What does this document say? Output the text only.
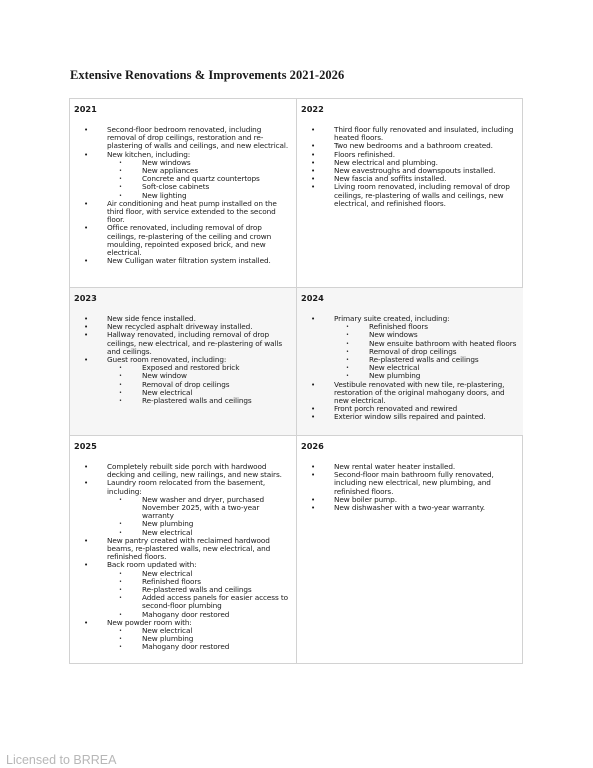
Extensive Renovations & Improvements 2021-2026
2021
• Second-floor bedroom renovated, including removal of drop ceilings, restoration and re-plastering of walls and ceilings, and new electrical.
• New kitchen, including:
• New windows
• New appliances
• Concrete and quartz countertops
• Soft-close cabinets
• New lighting
• Air conditioning and heat pump installed on the third floor, with service extended to the second floor.
• Office renovated, including removal of drop ceilings, re-plastering of the ceiling and crown moulding, repointed exposed brick, and new electrical.
• New Culligan water filtration system installed.
2022
• Third floor fully renovated and insulated, including heated floors.
• Two new bedrooms and a bathroom created.
• Floors refinished.
• New electrical and plumbing.
• New eavestroughs and downspouts installed.
• New fascia and soffits installed.
• Living room renovated, including removal of drop ceilings, re-plastering of walls and ceilings, new electrical, and refinished floors.
2023
• New side fence installed.
• New recycled asphalt driveway installed.
• Hallway renovated, including removal of drop ceilings, new electrical, and re-plastering of walls and ceilings.
• Guest room renovated, including:
• Exposed and restored brick
• New window
• Removal of drop ceilings
• New electrical
• Re-plastered walls and ceilings
2024
• Primary suite created, including:
• Refinished floors
• New windows
• New ensuite bathroom with heated floors
• Removal of drop ceilings
• Re-plastered walls and ceilings
• New electrical
• New plumbing
• Vestibule renovated with new tile, re-plastering, restoration of the original mahogany doors, and new electrical.
• Front porch renovated and rewired
• Exterior window sills repaired and painted.
2025
• Completely rebuilt side porch with hardwood decking and ceiling, new railings, and new stairs.
• Laundry room relocated from the basement, including:
• New washer and dryer, purchased November 2025, with a two-year warranty
• New plumbing
• New electrical
• New pantry created with reclaimed hardwood beams, re-plastered walls, new electrical, and refinished floors.
• Back room updated with:
• New electrical
• Refinished floors
• Re-plastered walls and ceilings
• Added access panels for easier access to second-floor plumbing
• Mahogany door restored
• New powder room with:
• New electrical
• New plumbing
• Mahogany door restored
2026
• New rental water heater installed.
• Second-floor main bathroom fully renovated, including new electrical, new plumbing, and refinished floors.
• New boiler pump.
• New dishwasher with a two-year warranty.
Licensed to BRREA
